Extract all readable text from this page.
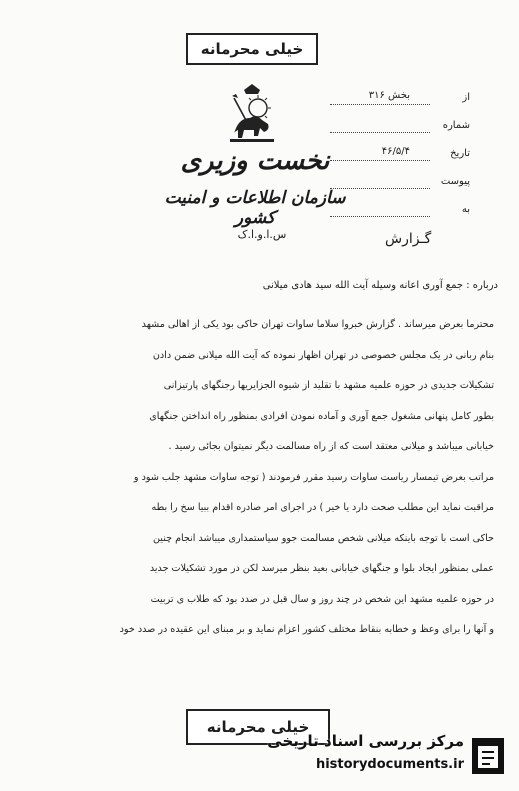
خیلی محرمانه
نخست وزیری
سازمان اطلاعات و امنیت کشور
س.ا.و.ا.ک
از
بخش ۳۱۶
شماره
تاریخ
۴۶/۵/۴
پیوست
به
گـزارش
درباره : جمع آوری اعانه وسیله آیت الله سید هادی میلانی
محترما بعرض میرساند . گزارش خبروا سلاما ساوات تهران حاکی بود یکی از اهالی مشهد
بنام ربانی در یک مجلس خصوصی در تهران اظهار نموده که آیت الله میلانی ضمن دادن
تشکیلات جدیدی در حوزه علمیه مشهد با تقلید از شیوه الجزایریها رجنگهای پارتیزانی
بطور کامل پنهانی مشغول جمع آوری و آماده نمودن افرادی بمنظور راه انداختن جنگهای
خیابانی میباشد و میلانی معتقد است که از راه مسالمت دیگر نمیتوان بجائی رسید .
مراتب بعرض تیمسار ریاست ساوات رسید مقرر فرمودند ( توجه ساوات مشهد جلب شود و
مراقبت نماید این مطلب صحت دارد یا خیر ) در اجرای امر صادره اقدام ببیا سخ را بطه
حاکی است با توجه باینکه میلانی شخص مسالمت جوو سیاستمداری میباشد انجام چنین
عملی بمنظور ایجاد بلوا و جنگهای خیابانی بعید بنظر میرسد لکن در مورد تشکیلات جدید
در حوزه علمیه مشهد این شخص در چند روز و سال قبل در صدد بود که طلاب ی تربیت
و آنها را برای وعظ و خطابه بنقاط مختلف کشور اعزام نماید و بر مبنای این عقیده در صدد خود
خیلی محرمانه
مرکز بررسی اسناد تاریخی
historydocuments.ir
